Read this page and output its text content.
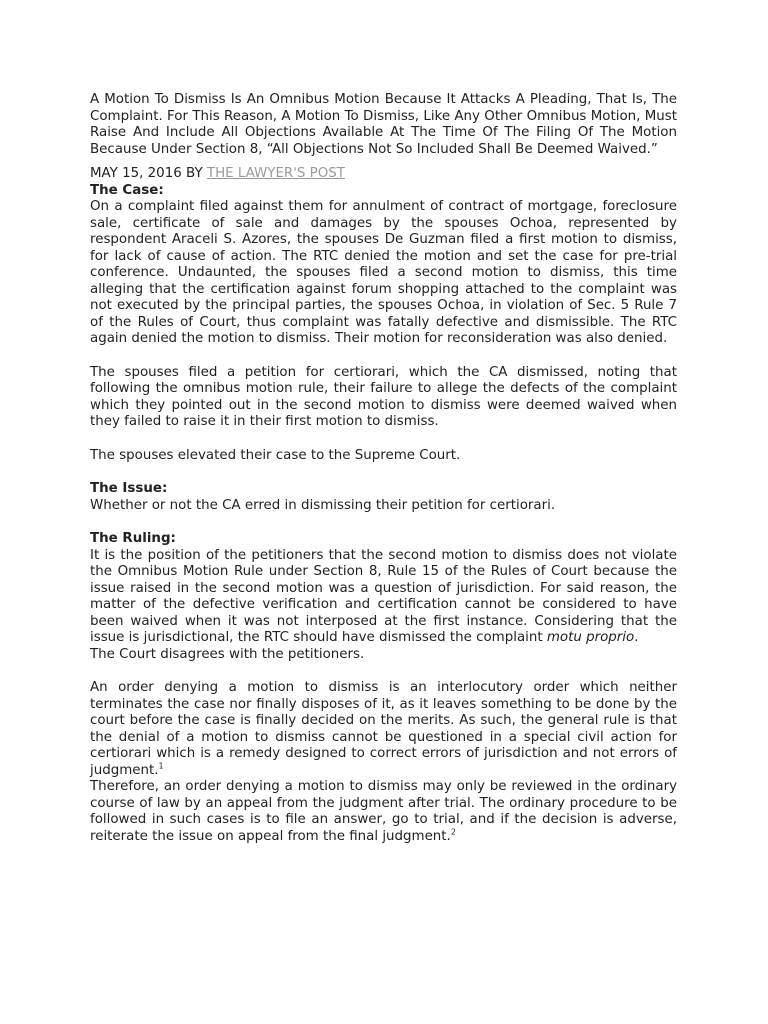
A Motion To Dismiss Is An Omnibus Motion Because It Attacks A Pleading, That Is, The Complaint. For This Reason, A Motion To Dismiss, Like Any Other Omnibus Motion, Must Raise And Include All Objections Available At The Time Of The Filing Of The Motion Because Under Section 8, “All Objections Not So Included Shall Be Deemed Waived.”

MAY 15, 2016 BY THE LAWYER'S POST

The Case:

On a complaint filed against them for annulment of contract of mortgage, foreclosure sale, certificate of sale and damages by the spouses Ochoa, represented by respondent Araceli S. Azores, the spouses De Guzman filed a first motion to dismiss, for lack of cause of action. The RTC denied the motion and set the case for pre-trial conference. Undaunted, the spouses filed a second motion to dismiss, this time alleging that the certification against forum shopping attached to the complaint was not executed by the principal parties, the spouses Ochoa, in violation of Sec. 5 Rule 7 of the Rules of Court, thus complaint was fatally defective and dismissible. The RTC again denied the motion to dismiss. Their motion for reconsideration was also denied.

The spouses filed a petition for certiorari, which the CA dismissed, noting that following the omnibus motion rule, their failure to allege the defects of the complaint which they pointed out in the second motion to dismiss were deemed waived when they failed to raise it in their first motion to dismiss.

The spouses elevated their case to the Supreme Court.

The Issue:

Whether or not the CA erred in dismissing their petition for certiorari.

The Ruling:

It is the position of the petitioners that the second motion to dismiss does not violate the Omnibus Motion Rule under Section 8, Rule 15 of the Rules of Court because the issue raised in the second motion was a question of jurisdiction. For said reason, the matter of the defective verification and certification cannot be considered to have been waived when it was not interposed at the first instance. Considering that the issue is jurisdictional, the RTC should have dismissed the complaint motu proprio.

The Court disagrees with the petitioners.

An order denying a motion to dismiss is an interlocutory order which neither terminates the case nor finally disposes of it, as it leaves something to be done by the court before the case is finally decided on the merits. As such, the general rule is that the denial of a motion to dismiss cannot be questioned in a special civil action for certiorari which is a remedy designed to correct errors of jurisdiction and not errors of judgment.$^1$

Therefore, an order denying a motion to dismiss may only be reviewed in the ordinary course of law by an appeal from the judgment after trial. The ordinary procedure to be followed in such cases is to file an answer, go to trial, and if the decision is adverse, reiterate the issue on appeal from the final judgment.$^2$
